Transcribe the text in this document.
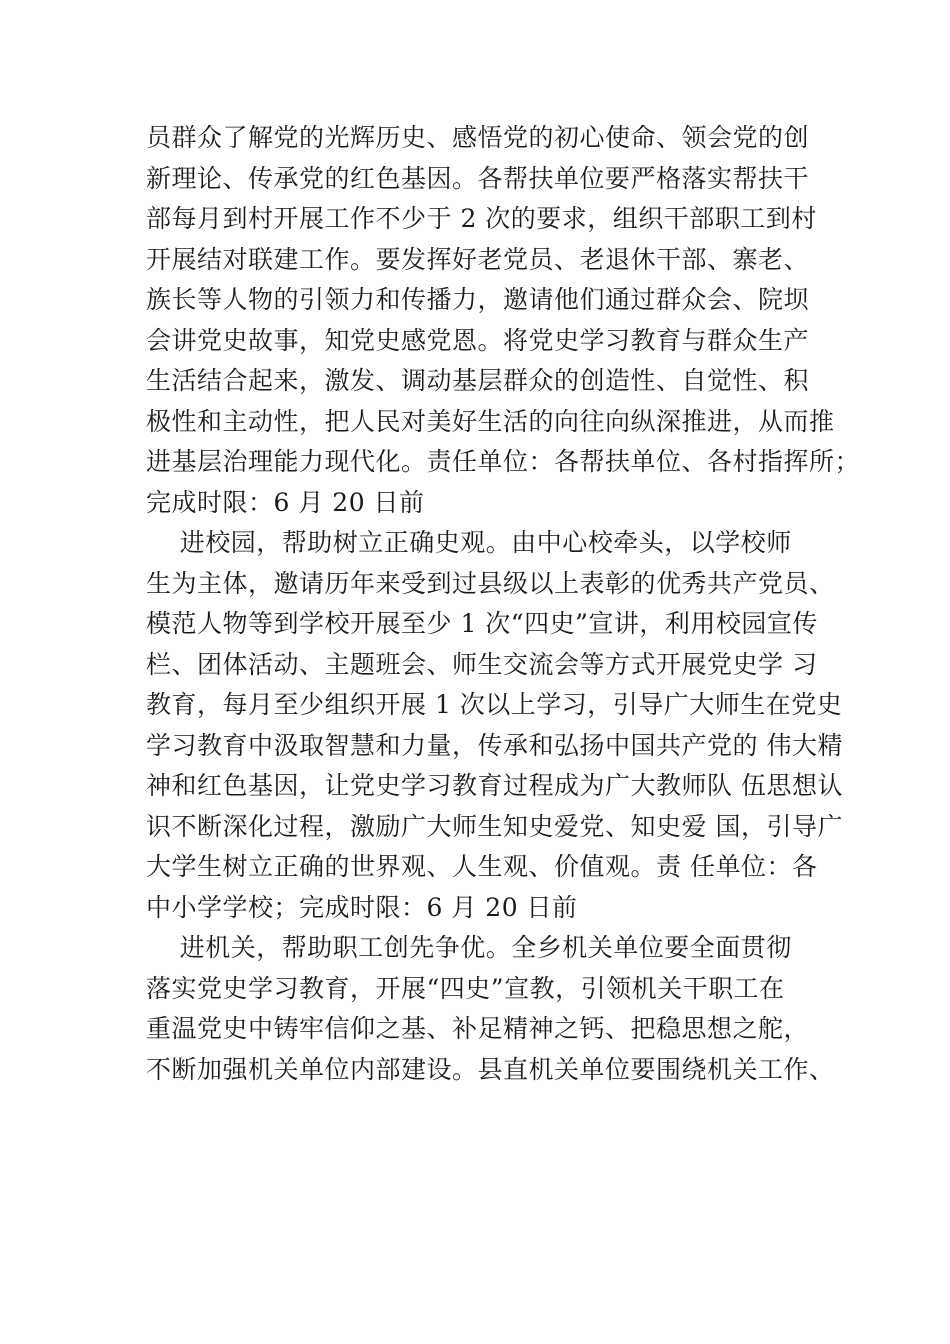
员群众了解党的光辉历史、感悟党的初心使命、领会党的创
新理论、传承党的红色基因。各帮扶单位要严格落实帮扶干
部每月到村开展工作不少于 2 次的要求，组织干部职工到村
开展结对联建工作。要发挥好老党员、老退休干部、寨老、
族长等人物的引领力和传播力，邀请他们通过群众会、院坝
会讲党史故事，知党史感党恩。将党史学习教育与群众生产
生活结合起来，激发、调动基层群众的创造性、自觉性、积
极性和主动性，把人民对美好生活的向往向纵深推进，从而推
进基层治理能力现代化。责任单位：各帮扶单位、各村指挥所；
完成时限：6 月 20 日前
进校园，帮助树立正确史观。由中心校牵头，以学校师
生为主体，邀请历年来受到过县级以上表彰的优秀共产党员、
模范人物等到学校开展至少 1 次“四史”宣讲，利用校园宣传
栏、团体活动、主题班会、师生交流会等方式开展党史学 习
教育，每月至少组织开展 1 次以上学习，引导广大师生在党史
学习教育中汲取智慧和力量，传承和弘扬中国共产党的 伟大精
神和红色基因，让党史学习教育过程成为广大教师队 伍思想认
识不断深化过程，激励广大师生知史爱党、知史爱 国，引导广
大学生树立正确的世界观、人生观、价值观。责 任单位：各
中小学学校；完成时限：6 月 20 日前
进机关，帮助职工创先争优。全乡机关单位要全面贯彻
落实党史学习教育，开展“四史”宣教，引领机关干职工在
重温党史中铸牢信仰之基、补足精神之钙、把稳思想之舵，
不断加强机关单位内部建设。县直机关单位要围绕机关工作、
